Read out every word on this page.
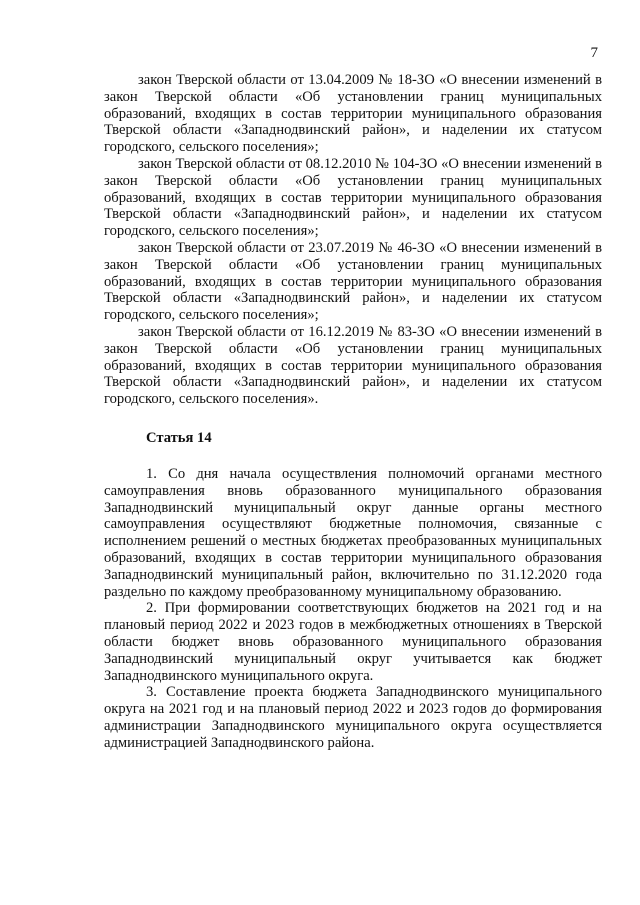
7

закон Тверской области от 13.04.2009 № 18-ЗО «О внесении изменений в закон Тверской области «Об установлении границ муниципальных образований, входящих в состав территории муниципального образования Тверской области «Западнодвинский район», и наделении их статусом городского, сельского поселения»;

закон Тверской области от 08.12.2010 № 104-ЗО «О внесении изменений в закон Тверской области «Об установлении границ муниципальных образований, входящих в состав территории муниципального образования Тверской области «Западнодвинский район», и наделении их статусом городского, сельского поселения»;

закон Тверской области от 23.07.2019 № 46-ЗО «О внесении изменений в закон Тверской области «Об установлении границ муниципальных образований, входящих в состав территории муниципального образования Тверской области «Западнодвинский район», и наделении их статусом городского, сельского поселения»;

закон Тверской области от 16.12.2019 № 83-ЗО «О внесении изменений в закон Тверской области «Об установлении границ муниципальных образований, входящих в состав территории муниципального образования Тверской области «Западнодвинский район», и наделении их статусом городского, сельского поселения».

Статья 14

1. Со дня начала осуществления полномочий органами местного самоуправления вновь образованного муниципального образования Западнодвинский муниципальный округ данные органы местного самоуправления осуществляют бюджетные полномочия, связанные с исполнением решений о местных бюджетах преобразованных муниципальных образований, входящих в состав территории муниципального образования Западнодвинский муниципальный район, включительно по 31.12.2020 года раздельно по каждому преобразованному муниципальному образованию.

2. При формировании соответствующих бюджетов на 2021 год и на плановый период 2022 и 2023 годов в межбюджетных отношениях в Тверской области бюджет вновь образованного муниципального образования Западнодвинский муниципальный округ учитывается как бюджет Западнодвинского муниципального округа.

3. Составление проекта бюджета Западнодвинского муниципального округа на 2021 год и на плановый период 2022 и 2023 годов до формирования администрации Западнодвинского муниципального округа осуществляется администрацией Западнодвинского района.
